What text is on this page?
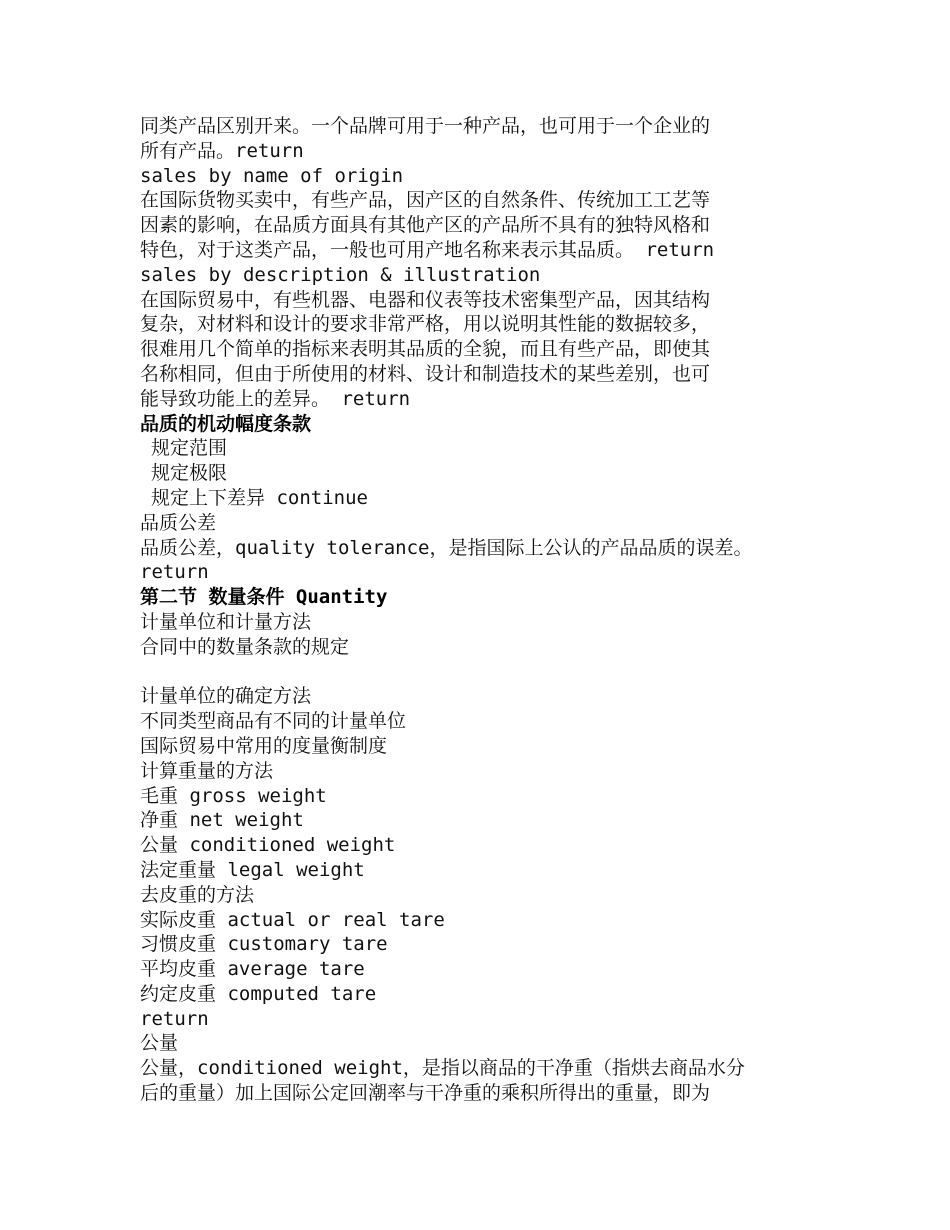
同类产品区别开来。一个品牌可用于一种产品，也可用于一个企业的
所有产品。return
sales by name of origin
在国际货物买卖中，有些产品，因产区的自然条件、传统加工工艺等
因素的影响，在品质方面具有其他产区的产品所不具有的独特风格和
特色，对于这类产品，一般也可用产地名称来表示其品质。 return
sales by description & illustration
在国际贸易中，有些机器、电器和仪表等技术密集型产品，因其结构
复杂，对材料和设计的要求非常严格，用以说明其性能的数据较多，
很难用几个简单的指标来表明其品质的全貌，而且有些产品，即使其
名称相同，但由于所使用的材料、设计和制造技术的某些差别，也可
能导致功能上的差异。 return
品质的机动幅度条款
规定范围
规定极限
规定上下差异 continue
品质公差
品质公差，quality tolerance，是指国际上公认的产品品质的误差。
return
第二节 数量条件 Quantity
计量单位和计量方法
合同中的数量条款的规定
计量单位的确定方法
不同类型商品有不同的计量单位
国际贸易中常用的度量衡制度
计算重量的方法
毛重 gross weight
净重 net weight
公量 conditioned weight
法定重量 legal weight
去皮重的方法
实际皮重 actual or real tare
习惯皮重 customary tare
平均皮重 average tare
约定皮重 computed tare
return
公量
公量，conditioned weight，是指以商品的干净重（指烘去商品水分
后的重量）加上国际公定回潮率与干净重的乘积所得出的重量，即为
